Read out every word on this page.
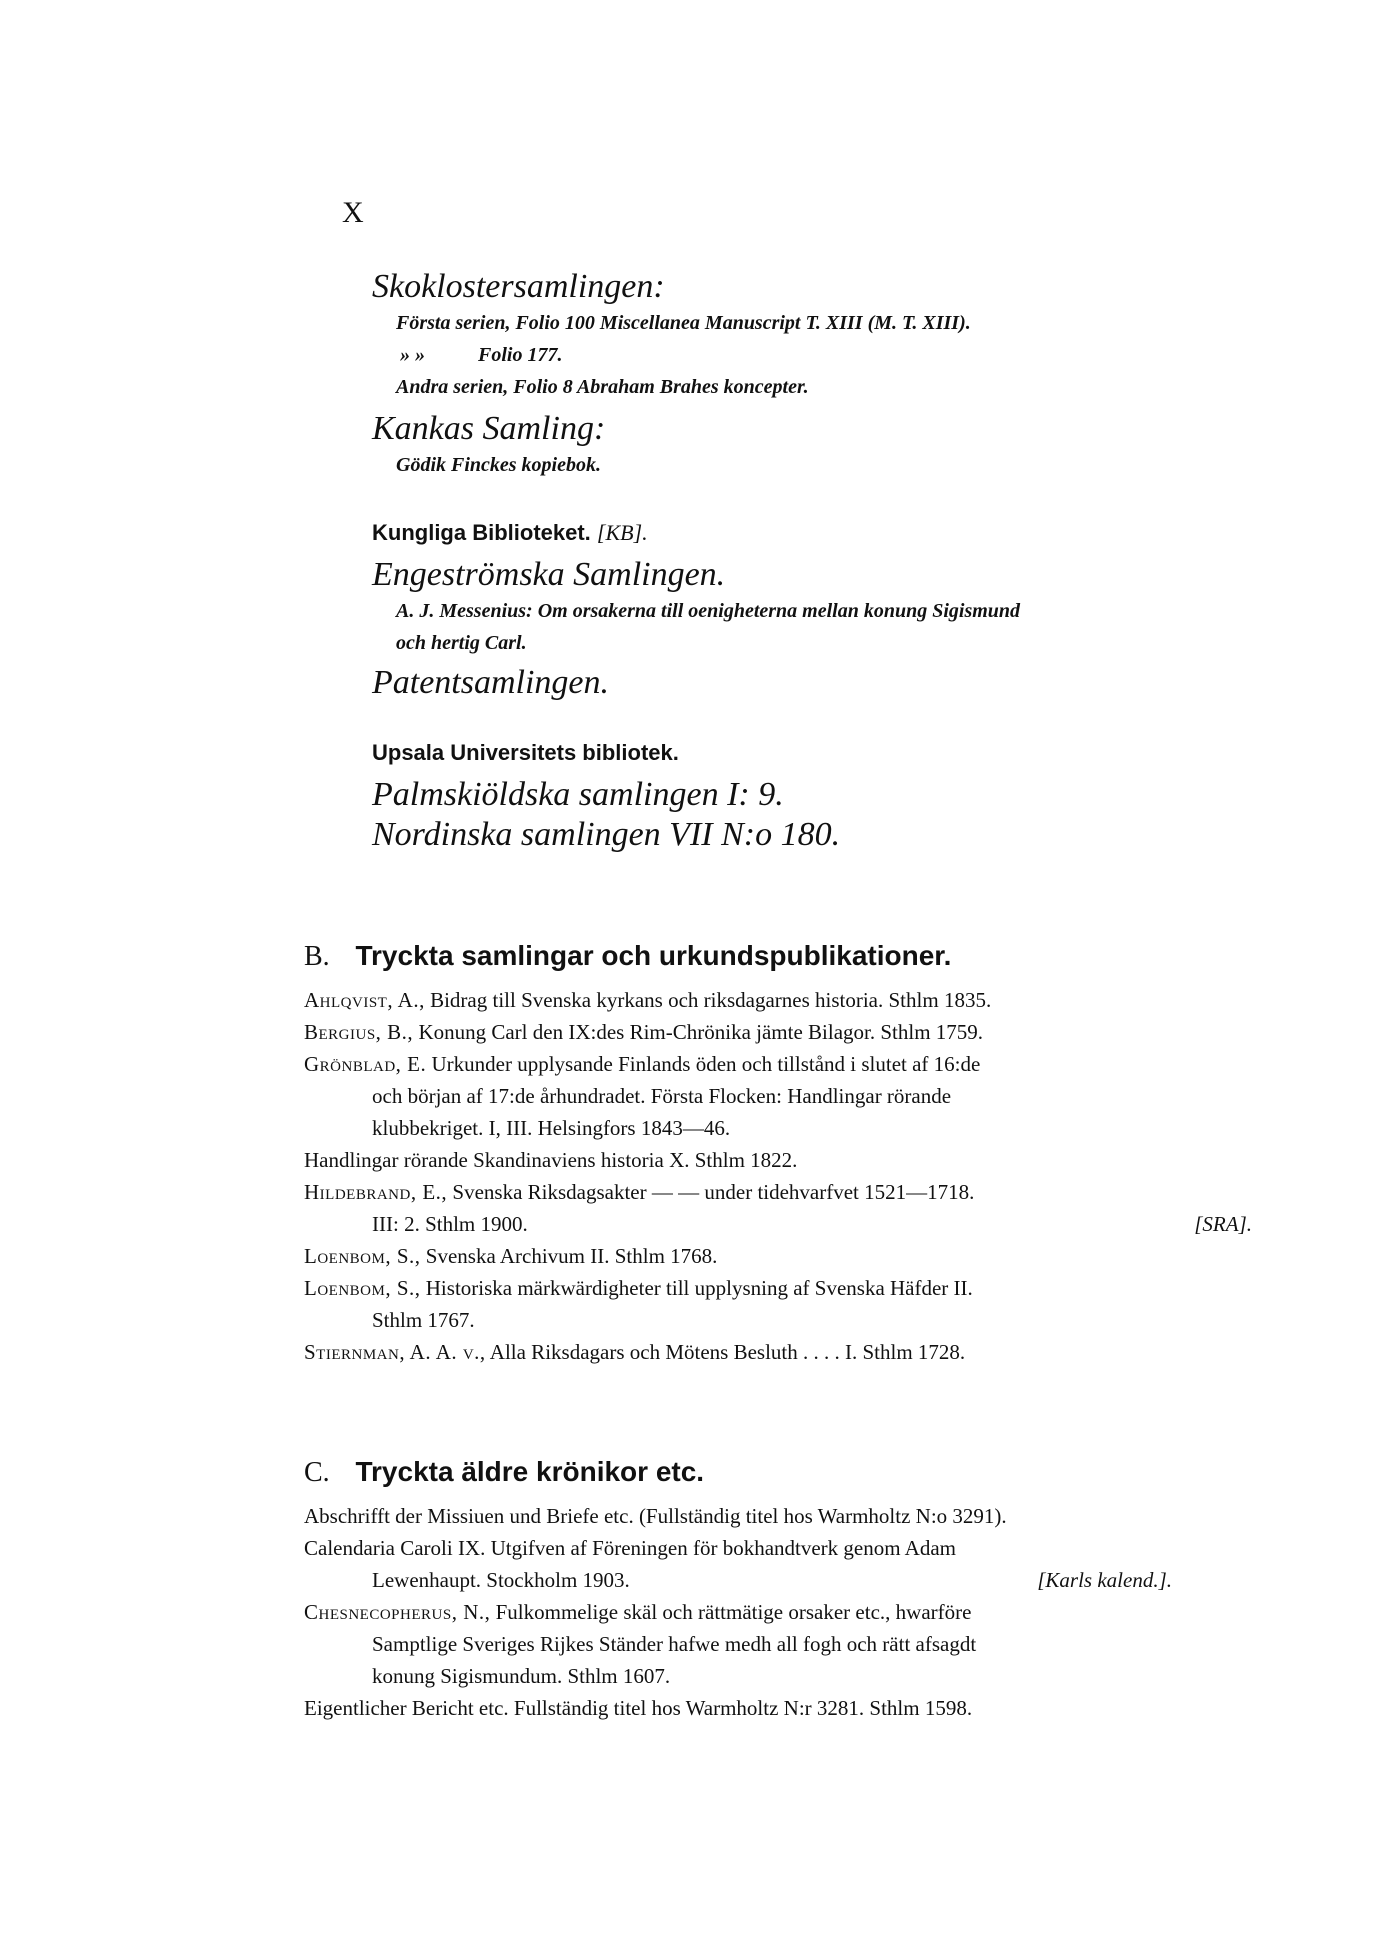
X
Skoklostersamlingen:
Första serien, Folio 100 Miscellanea Manuscript T. XIII (M. T. XIII).
» »	Folio 177.
Andra serien, Folio 8 Abraham Brahes koncepter.
Kankas Samling:
Gödik Finckes kopiebok.
Kungliga Biblioteket. [KB].
Engeströmska Samlingen.
A. J. Messenius: Om orsakerna till oenigheterna mellan konung Sigismund
och hertig Carl.
Patentsamlingen.
Upsala Universitets bibliotek.
Palmskiöldska samlingen I: 9.
Nordinska samlingen VII N:o 180.
B. Tryckta samlingar och urkundspublikationer.
Ahlqvist, A., Bidrag till Svenska kyrkans och riksdagarnes historia. Sthlm 1835.
Bergius, B., Konung Carl den IX:des Rim-Chrönika jämte Bilagor. Sthlm 1759.
Grönblad, E. Urkunder upplysande Finlands öden och tillstånd i slutet af 16:de
och början af 17:de århundradet. Första Flocken: Handlingar rörande
klubbekriget. I, III. Helsingfors 1843—46.
Handlingar rörande Skandinaviens historia X. Sthlm 1822.
Hildebrand, E., Svenska Riksdagsakter — — under tidehvarfvet 1521—1718.
III: 2. Sthlm 1900.	[SRA].
Loenbom, S., Svenska Archivum II. Sthlm 1768.
Loenbom, S., Historiska märkwärdigheter till upplysning af Svenska Häfder II.
Sthlm 1767.
Stiernman, A. A. v., Alla Riksdagars och Mötens Besluth . . . . I. Sthlm 1728.
C. Tryckta äldre krönikor etc.
Abschrifft der Missiuen und Briefe etc. (Fullständig titel hos Warmholtz N:o 3291).
Calendaria Caroli IX. Utgifven af Föreningen för bokhandtverk genom Adam
Lewenhaupt. Stockholm 1903.	[Karls kalend.].
Chesnecopherus, N., Fulkommelige skäl och rättmätige orsaker etc., hwarföre
Samptlige Sveriges Rijkes Ständer hafwe medh all fogh och rätt afsagdt
konung Sigismundum. Sthlm 1607.
Eigentlicher Bericht etc. Fullständig titel hos Warmholtz N:r 3281. Sthlm 1598.
